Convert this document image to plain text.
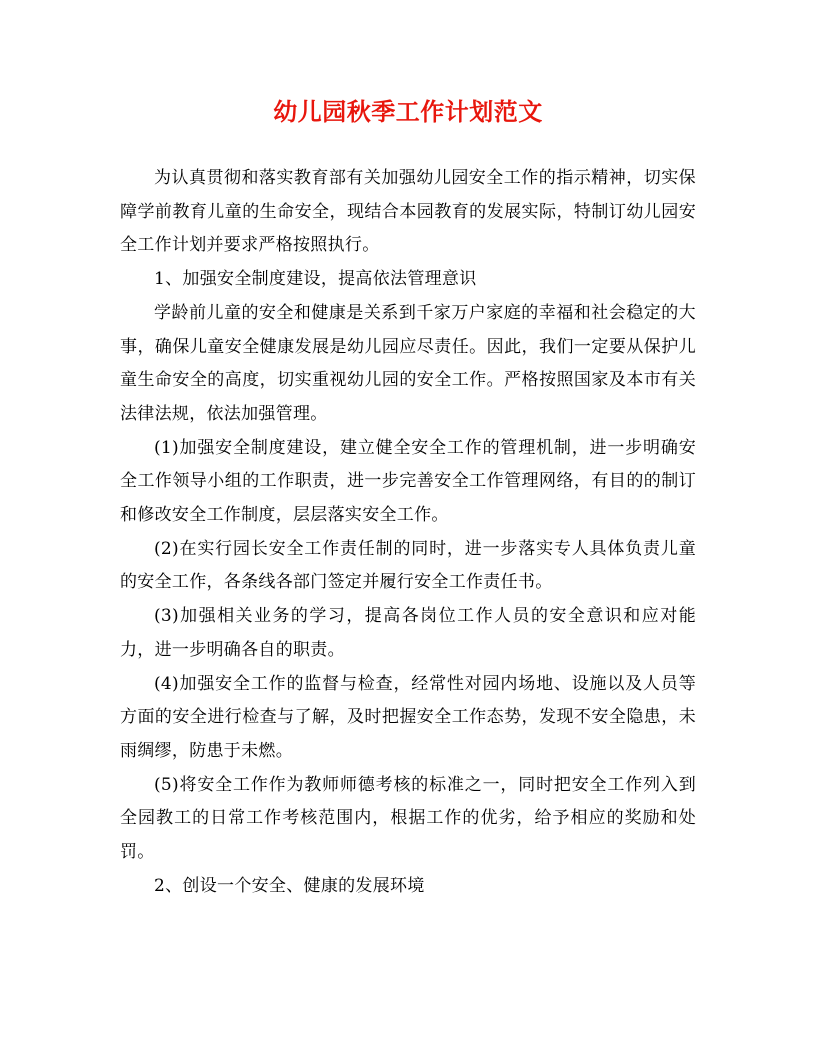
幼儿园秋季工作计划范文

为认真贯彻和落实教育部有关加强幼儿园安全工作的指示精神，切实保障学前教育儿童的生命安全，现结合本园教育的发展实际，特制订幼儿园安全工作计划并要求严格按照执行。

1、加强安全制度建设，提高依法管理意识

学龄前儿童的安全和健康是关系到千家万户家庭的幸福和社会稳定的大事，确保儿童安全健康发展是幼儿园应尽责任。因此，我们一定要从保护儿童生命安全的高度，切实重视幼儿园的安全工作。严格按照国家及本市有关法律法规，依法加强管理。

(1)加强安全制度建设，建立健全安全工作的管理机制，进一步明确安全工作领导小组的工作职责，进一步完善安全工作管理网络，有目的的制订和修改安全工作制度，层层落实安全工作。

(2)在实行园长安全工作责任制的同时，进一步落实专人具体负责儿童的安全工作，各条线各部门签定并履行安全工作责任书。

(3)加强相关业务的学习，提高各岗位工作人员的安全意识和应对能力，进一步明确各自的职责。

(4)加强安全工作的监督与检查，经常性对园内场地、设施以及人员等方面的安全进行检查与了解，及时把握安全工作态势，发现不安全隐患，未雨绸缪，防患于未燃。

(5)将安全工作作为教师师德考核的标准之一，同时把安全工作列入到全园教工的日常工作考核范围内，根据工作的优劣，给予相应的奖励和处罚。

2、创设一个安全、健康的发展环境
